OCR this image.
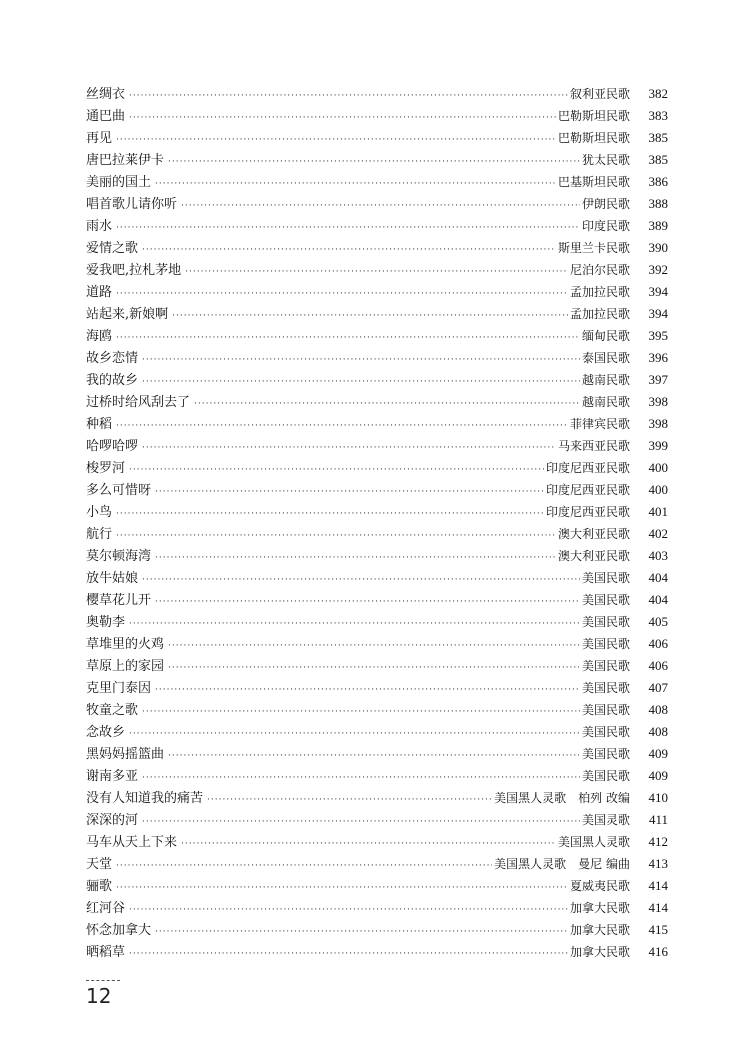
丝绸衣 ·····	叙利亚民歌	382
通巴曲 ·····	巴勒斯坦民歌	383
再见 ·····	巴勒斯坦民歌	385
唐巴拉莱伊卡 ·····	犹太民歌	385
美丽的国土 ·····	巴基斯坦民歌	386
唱首歌儿请你听 ·····	伊朗民歌	388
雨水 ·····	印度民歌	389
爱情之歌 ·····	斯里兰卡民歌	390
爱我吧,拉札茅地 ·····	尼泊尔民歌	392
道路 ·····	孟加拉民歌	394
站起来,新娘啊 ·····	孟加拉民歌	394
海鸥 ·····	缅甸民歌	395
故乡恋情 ·····	泰国民歌	396
我的故乡 ·····	越南民歌	397
过桥时给风刮去了 ·····	越南民歌	398
种稻 ·····	菲律宾民歌	398
哈啰哈啰 ·····	马来西亚民歌	399
梭罗河 ·····	印度尼西亚民歌	400
多么可惜呀 ·····	印度尼西亚民歌	400
小鸟 ·····	印度尼西亚民歌	401
航行 ·····	澳大利亚民歌	402
莫尔顿海湾 ·····	澳大利亚民歌	403
放牛姑娘 ·····	美国民歌	404
樱草花儿开 ·····	美国民歌	404
奥勒李 ·····	美国民歌	405
草堆里的火鸡 ·····	美国民歌	406
草原上的家园 ·····	美国民歌	406
克里门泰因 ·····	美国民歌	407
牧童之歌 ·····	美国民歌	408
念故乡 ·····	美国民歌	408
黑妈妈摇篮曲 ·····	美国民歌	409
谢南多亚 ·····	美国民歌	409
没有人知道我的痛苦 ·····	美国黑人灵歌　柏列 改编	410
深深的河 ·····	美国灵歌	411
马车从天上下来 ·····	美国黑人灵歌	412
天堂 ·····	美国黑人灵歌　曼尼 编曲	413
骊歌 ·····	夏威夷民歌	414
红河谷 ·····	加拿大民歌	414
怀念加拿大 ·····	加拿大民歌	415
晒稻草 ·····	加拿大民歌	416
12
